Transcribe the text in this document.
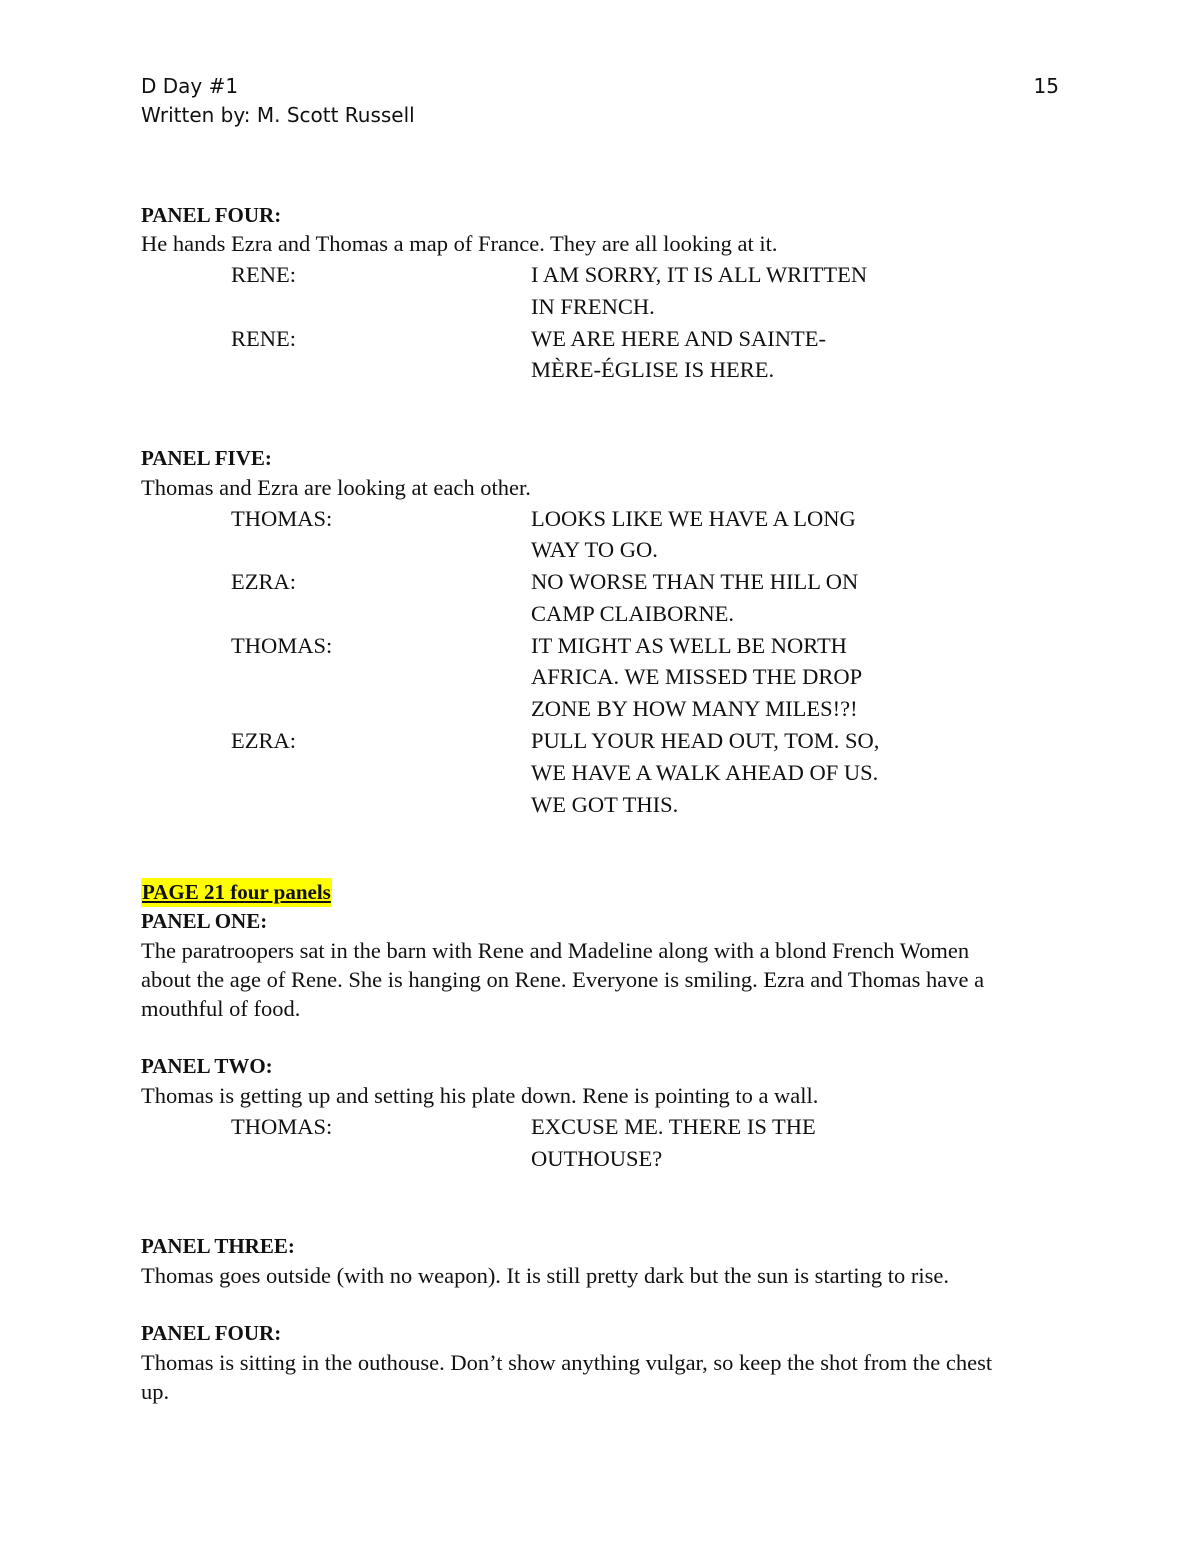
D Day #1
Written by: M. Scott Russell
15
PANEL FOUR:
He hands Ezra and Thomas a map of France. They are all looking at it.
RENE:	I AM SORRY, IT IS ALL WRITTEN
IN FRENCH.
RENE:	WE ARE HERE AND SAINTE-
MÈRE-ÉGLISE IS HERE.
PANEL FIVE:
Thomas and Ezra are looking at each other.
THOMAS:	LOOKS LIKE WE HAVE A LONG
WAY TO GO.
EZRA:	NO WORSE THAN THE HILL ON
CAMP CLAIBORNE.
THOMAS:	IT MIGHT AS WELL BE NORTH
AFRICA. WE MISSED THE DROP
ZONE BY HOW MANY MILES!?!
EZRA:	PULL YOUR HEAD OUT, TOM. SO,
WE HAVE A WALK AHEAD OF US.
WE GOT THIS.
PAGE 21 four panels
PANEL ONE:
The paratroopers sat in the barn with Rene and Madeline along with a blond French Women
about the age of Rene. She is hanging on Rene. Everyone is smiling. Ezra and Thomas have a
mouthful of food.
PANEL TWO:
Thomas is getting up and setting his plate down. Rene is pointing to a wall.
THOMAS:	EXCUSE ME. THERE IS THE
OUTHOUSE?
PANEL THREE:
Thomas goes outside (with no weapon). It is still pretty dark but the sun is starting to rise.
PANEL FOUR:
Thomas is sitting in the outhouse. Don’t show anything vulgar, so keep the shot from the chest
up.
